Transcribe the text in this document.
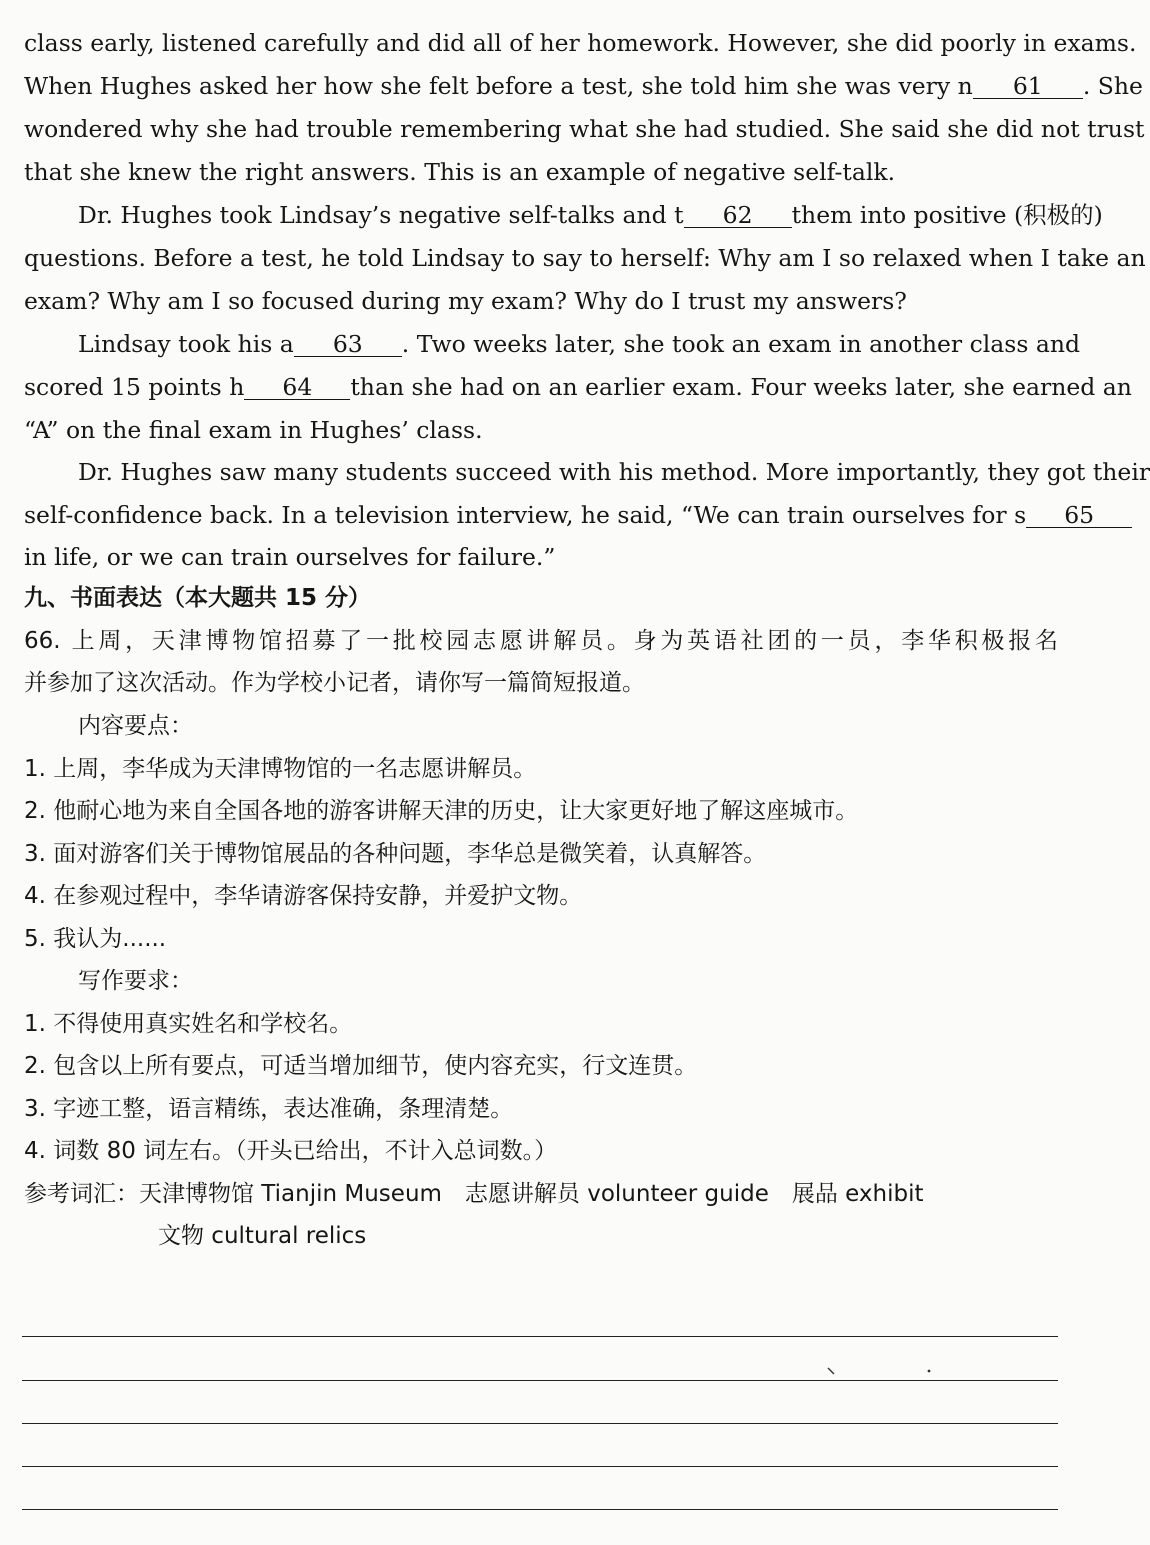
class early, listened carefully and did all of her homework. However, she did poorly in exams.
When Hughes asked her how she felt before a test, she told him she was very n 61 . She
wondered why she had trouble remembering what she had studied. She said she did not trust
that she knew the right answers. This is an example of negative self-talk.
Dr. Hughes took Lindsay’s negative self-talks and t 62 them into positive (积极的)
questions. Before a test, he told Lindsay to say to herself: Why am I so relaxed when I take an
exam? Why am I so focused during my exam? Why do I trust my answers?
Lindsay took his a 63 . Two weeks later, she took an exam in another class and
scored 15 points h 64 than she had on an earlier exam. Four weeks later, she earned an
“A” on the final exam in Hughes’ class.
Dr. Hughes saw many students succeed with his method. More importantly, they got their
self-confidence back. In a television interview, he said, “We can train ourselves for s 65
in life, or we can train ourselves for failure.”
九、书面表达（本大题共 15 分）
66. 上周，天津博物馆招募了一批校园志愿讲解员。身为英语社团的一员，李华积极报名
并参加了这次活动。作为学校小记者，请你写一篇简短报道。
内容要点：
1. 上周，李华成为天津博物馆的一名志愿讲解员。
2. 他耐心地为来自全国各地的游客讲解天津的历史，让大家更好地了解这座城市。
3. 面对游客们关于博物馆展品的各种问题，李华总是微笑着，认真解答。
4. 在参观过程中，李华请游客保持安静，并爱护文物。
5. 我认为......
写作要求：
1. 不得使用真实姓名和学校名。
2. 包含以上所有要点，可适当增加细节，使内容充实，行文连贯。
3. 字迹工整，语言精练，表达准确，条理清楚。
4. 词数 80 词左右。（开头已给出，不计入总词数。）
参考词汇：天津博物馆 Tianjin Museum　志愿讲解员 volunteer guide　展品 exhibit
文物 cultural relics
